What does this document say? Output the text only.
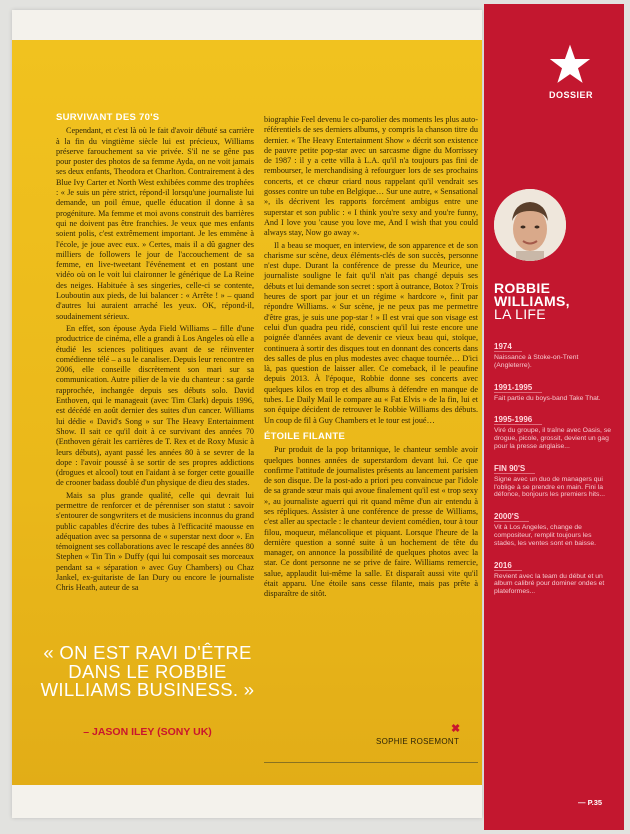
SURVIVANT DES 70'S

Cependant, et c'est là où le fait d'avoir débuté sa carrière à la fin du vingtième siècle lui est précieux, Williams préserve farouchement sa vie privée. S'il ne se gêne pas pour poster des photos de sa femme Ayda, on ne voit jamais ses deux enfants, Theodora et Charlton. Contrairement à des Blue Ivy Carter et North West exhibées comme des trophées : « Je suis un père strict, répond-il lorsqu'une journaliste lui demande, un poil émue, quelle éducation il donne à sa progéniture. Ma femme et moi avons construit des barrières qui ne doivent pas être franchies. Je veux que mes enfants soient polis, c'est extrêmement important. Je les emmène à l'école, je joue avec eux. » Certes, mais il a dû gagner des milliers de followers le jour de l'accouchement de sa femme, en live-tweetant l'événement et en postant une vidéo où on le voit lui claironner le générique de La Reine des neiges. Habituée à ses singeries, celle-ci se contente, Louboutin aux pieds, de lui balancer : « Arrête ! » – quand d'autres lui auraient arraché les yeux. OK, répond-il, soudainement sérieux.

En effet, son épouse Ayda Field Williams – fille d'une productrice de cinéma, elle a grandi à Los Angeles où elle a étudié les sciences politiques avant de se réinventer comédienne télé – a su le canaliser. Depuis leur rencontre en 2006, elle conseille discrètement son mari sur sa communication. Autre pilier de la vie du chanteur : sa garde rapprochée, inchangée depuis ses débuts solo. David Enthoven, qui le manageait (avec Tim Clark) depuis 1996, est décédé en août dernier des suites d'un cancer. Williams lui dédie « David's Song » sur The Heavy Entertainment Show. Il sait ce qu'il doit à ce survivant des années 70 (Enthoven gérait les carrières de T. Rex et de Roxy Music à leurs débuts), ayant passé les années 80 à se sevrer de la dope : l'avoir poussé à se sortir de ses propres addictions (drogues et alcool) tout en l'aidant à se forger cette gouaille de crooner badass doublé d'un physique de dieu des stades.

Mais sa plus grande qualité, celle qui devrait lui permettre de renforcer et de pérenniser son statut : savoir s'entourer de songwriters et de musiciens inconnus du grand public capables d'écrire des tubes à l'efficacité maousse en adéquation avec sa personna de « superstar next door ». En témoignent ses collaborations avec le rescapé des années 80 Stephen « Tin Tin » Duffy (qui lui composait ses morceaux pendant sa « séparation » avec Guy Chambers) ou Chaz Jankel, ex-guitariste de Ian Dury ou encore le journaliste Chris Heath, auteur de sa

biographie Feel devenu le co-parolier des moments les plus auto-référentiels de ses derniers albums, y compris la chanson titre du dernier. « The Heavy Entertainment Show » décrit son existence de pauvre petite pop-star avec un sarcasme digne du Morrissey de 1987 : il y a cette villa à L.A. qu'il n'a toujours pas fini de rembourser, le merchandising à refourguer lors de ses prochains concerts, et ce chœur criard nous rappelant qu'il vendrait ses gosses contre un tube en Belgique… Sur une autre, « Sensational », ils décrivent les rapports forcément ambigus entre une superstar et son public : « I think you're sexy and you're funny, And I love you 'cause you love me, And I wish that you could always stay, Now go away ».

Il a beau se moquer, en interview, de son apparence et de son charisme sur scène, deux éléments-clés de son succès, personne n'est dupe. Durant la conférence de presse du Meurice, une journaliste souligne le fait qu'il n'ait pas changé depuis ses débuts et lui demande son secret : sport à outrance, Botox ? Trois heures de sport par jour et un régime « hardcore », finit par répondre Williams. « Sur scène, je ne peux pas me permettre d'être gras, je suis une pop-star ! » Il est vrai que son visage est celui d'un quadra peu ridé, conscient qu'il lui reste encore une poignée d'années avant de devenir ce vieux beau qui, stoïque, continuera à sortir des disques tout en donnant des concerts dans des salles de plus en plus modestes avec chaque tournée… D'ici là, pas question de laisser aller. Ce comeback, il le peaufine depuis 2013. À l'époque, Robbie donne ses concerts avec quelques kilos en trop et des albums à défendre en manque de tubes. Le Daily Mail le compare au « Fat Elvis » de la fin, lui et son équipe décident de retrouver le Robbie Williams des débuts. Un coup de fil à Guy Chambers et le tour est joué…

ÉTOILE FILANTE

Pur produit de la pop britannique, le chanteur semble avoir quelques bonnes années de superstardom devant lui. Ce que confirme l'attitude de journalistes présents au lancement parisien de son disque. De la post-ado a priori peu convaincue par l'idole de sa grande sœur mais qui avoue finalement qu'il est « trop sexy », au journaliste aguerri qui rit quand même d'un air entendu à ses répliques. Assister à une conférence de presse de Williams, c'est aller au spectacle : le chanteur devient comédien, tour à tour filou, moqueur, mélancolique et piquant. Lorsque l'heure de la dernière question a sonné suite à un hochement de tête du manager, on annonce la possibilité de quelques photos avec la star. Ce dont personne ne se prive de faire. Williams remercie, salue, applaudit lui-même la salle. Et disparaît aussi vite qu'il était apparu. Une étoile sans cesse filante, mais pas prête à disparaître de sitôt.

« ON EST RAVI D'ÊTRE DANS LE ROBBIE WILLIAMS BUSINESS. »
– JASON ILEY (SONY UK)	✖
SOPHIE ROSEMONT
DOSSIER
ROBBIE
WILLIAMS,
LA LIFE
1974
Naissance à Stoke-on-Trent (Angleterre).
1991-1995
Fait partie du boys-band Take That.
1995-1996
Viré du groupe, il traîne avec Oasis, se drogue, picole, grossit, devient un gag pour la presse anglaise...
FIN 90'S
Signe avec un duo de managers qui l'oblige à se prendre en main. Fini la défonce, bonjours les premiers hits...
2000'S
Vit à Los Angeles, change de compositeur, remplit toujours les stades, les ventes sont en baisse.
2016
Revient avec la team du début et un album calibré pour dominer ondes et plateformes...
— P.35
